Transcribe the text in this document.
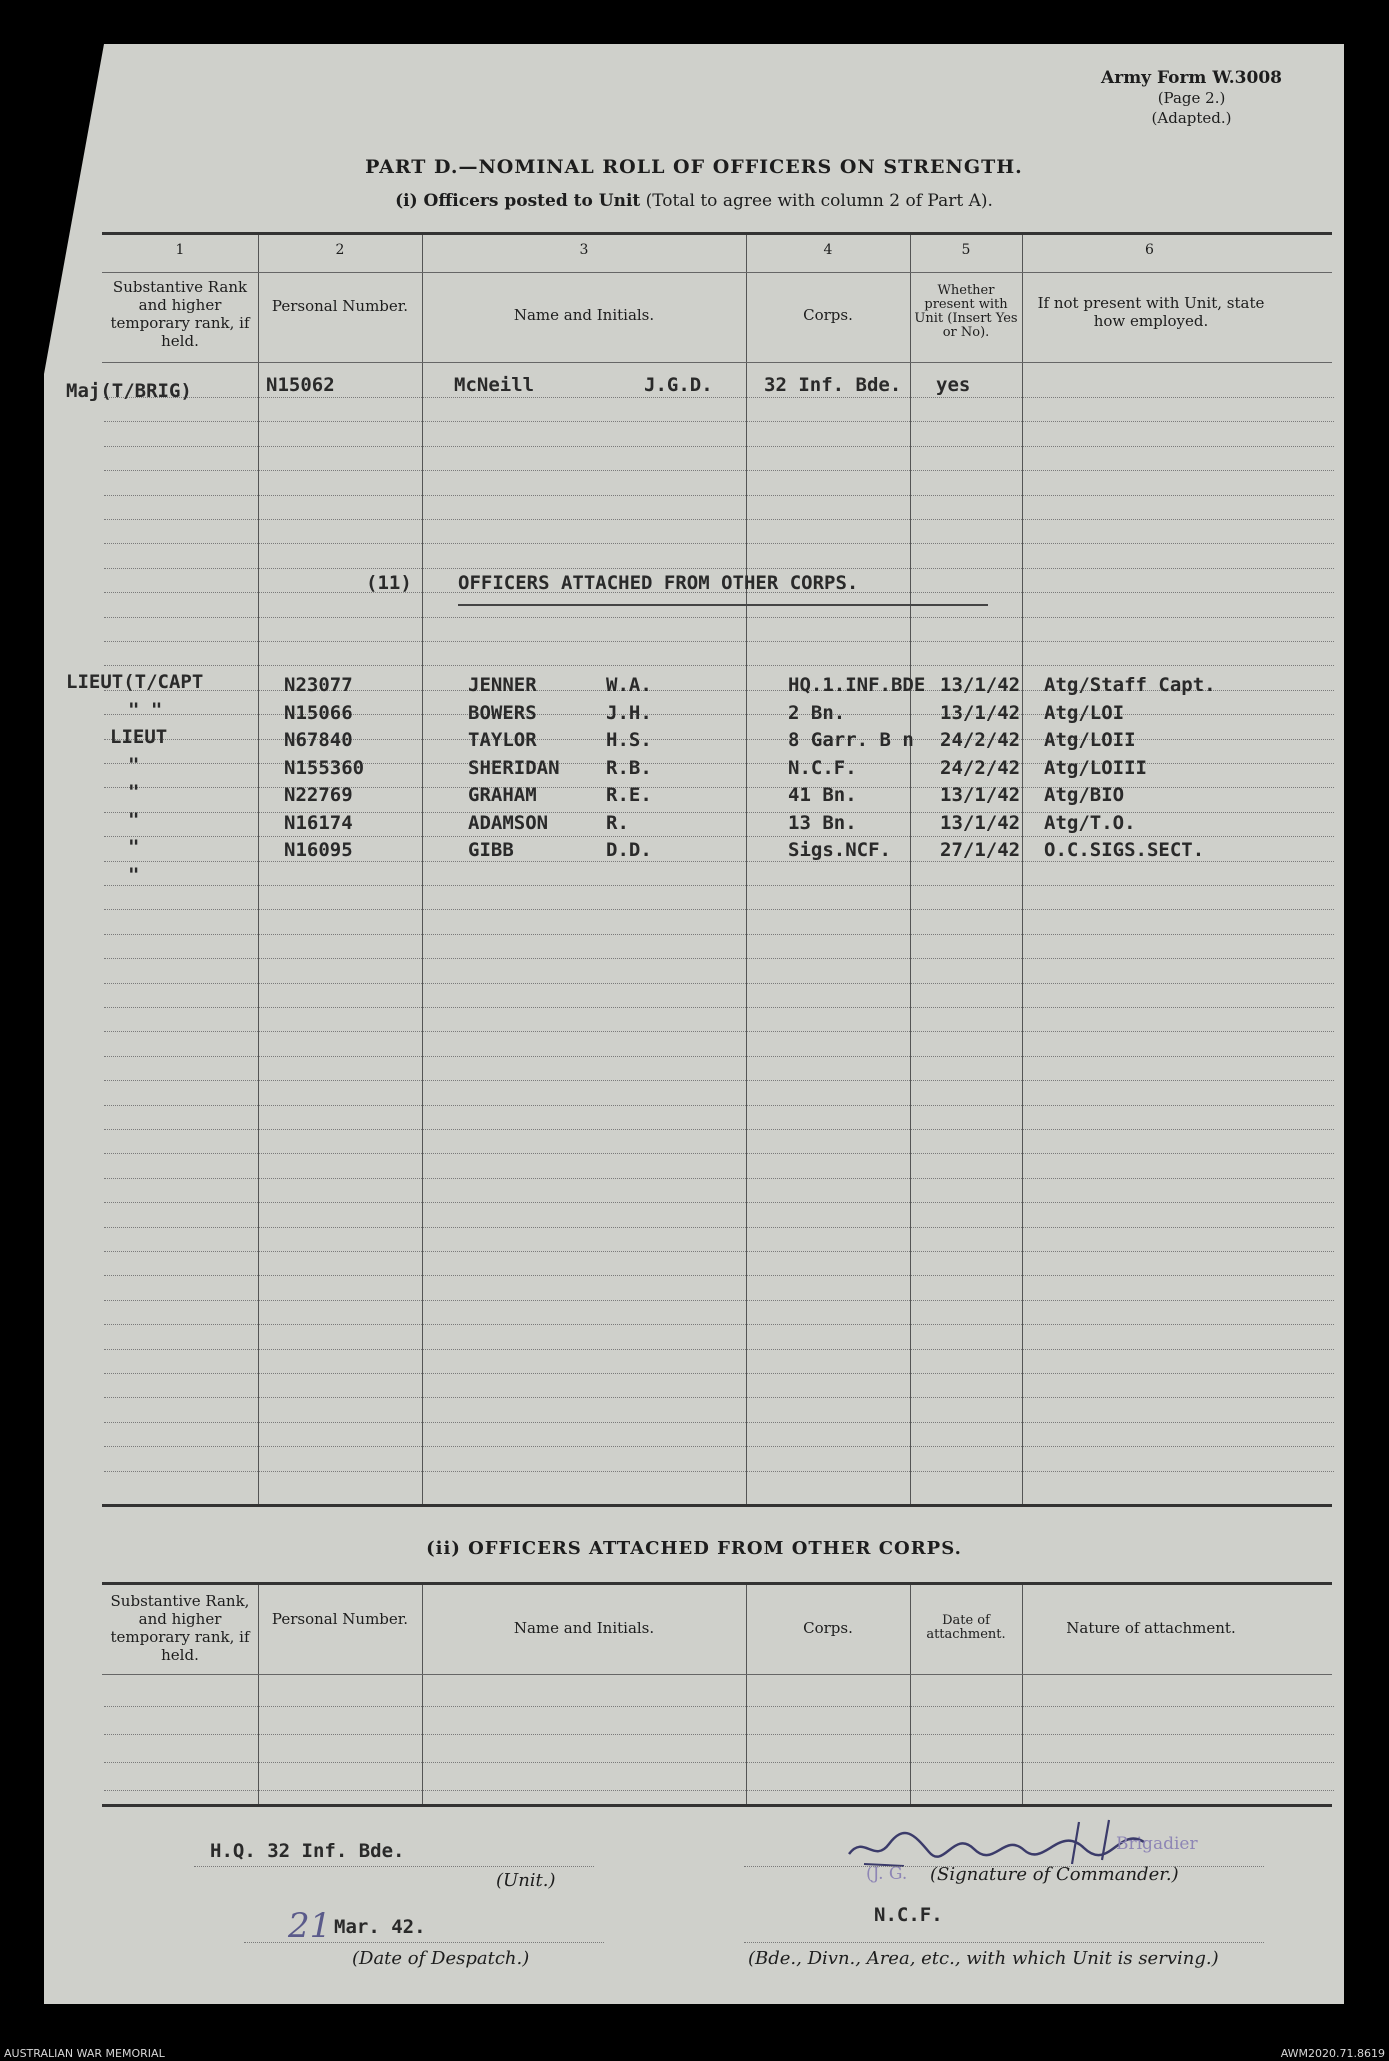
Army Form W.3008
(Page 2.)
(Adapted.)
PART D.—NOMINAL ROLL OF OFFICERS ON STRENGTH.
(i) Officers posted to Unit (Total to agree with column 2 of Part A).
1	2	3	4	5	6
Substantive Rank and higher temporary rank, if held.
Personal Number.	Name and Initials.	Corps.
Whether present with Unit (Insert Yes or No).
If not present with Unit, state how employed.
Maj(T/BRIG)	N15062	McNeill	J.G.D.	32 Inf. Bde. yes
(11) OFFICERS ATTACHED FROM OTHER CORPS.
LIEUT(T/CAPT	N23077	JENNER	W.A.	HQ.1.INF.BDE 13/1/42 Atg/Staff Capt.
" "	N15066	BOWERS	J.H.	2 Bn.	13/1/42 Atg/LOI
LIEUT	N67840	TAYLOR	H.S.	8 Garr. B n 24/2/42 Atg/LOII
"	N155360	SHERIDAN R.B.	N.C.F.	24/2/42 Atg/LOIII
"	N22769	GRAHAM	R.E.	41 Bn.	13/1/42 Atg/BIO
"	N16174	ADAMSON	R.	13 Bn.	13/1/42 Atg/T.O.
"	N16095	GIBB	D.D.	Sigs.NCF.	27/1/42 O.C.SIGS.SECT.
"
(ii) OFFICERS ATTACHED FROM OTHER CORPS.
Substantive Rank, and higher temporary rank, if held.
Personal Number.	Name and Initials.	Corps.	Date of attachment.	Nature of attachment.
H.Q. 32 Inf. Bde.
(Unit.)
21 Mar. 42.
(Date of Despatch.)
Brigadier
(J. G. (Signature of Commander.)
N.C.F.
(Bde., Divn., Area, etc., with which Unit is serving.)
AUSTRALIAN WAR MEMORIAL	AWM2020.71.8619
